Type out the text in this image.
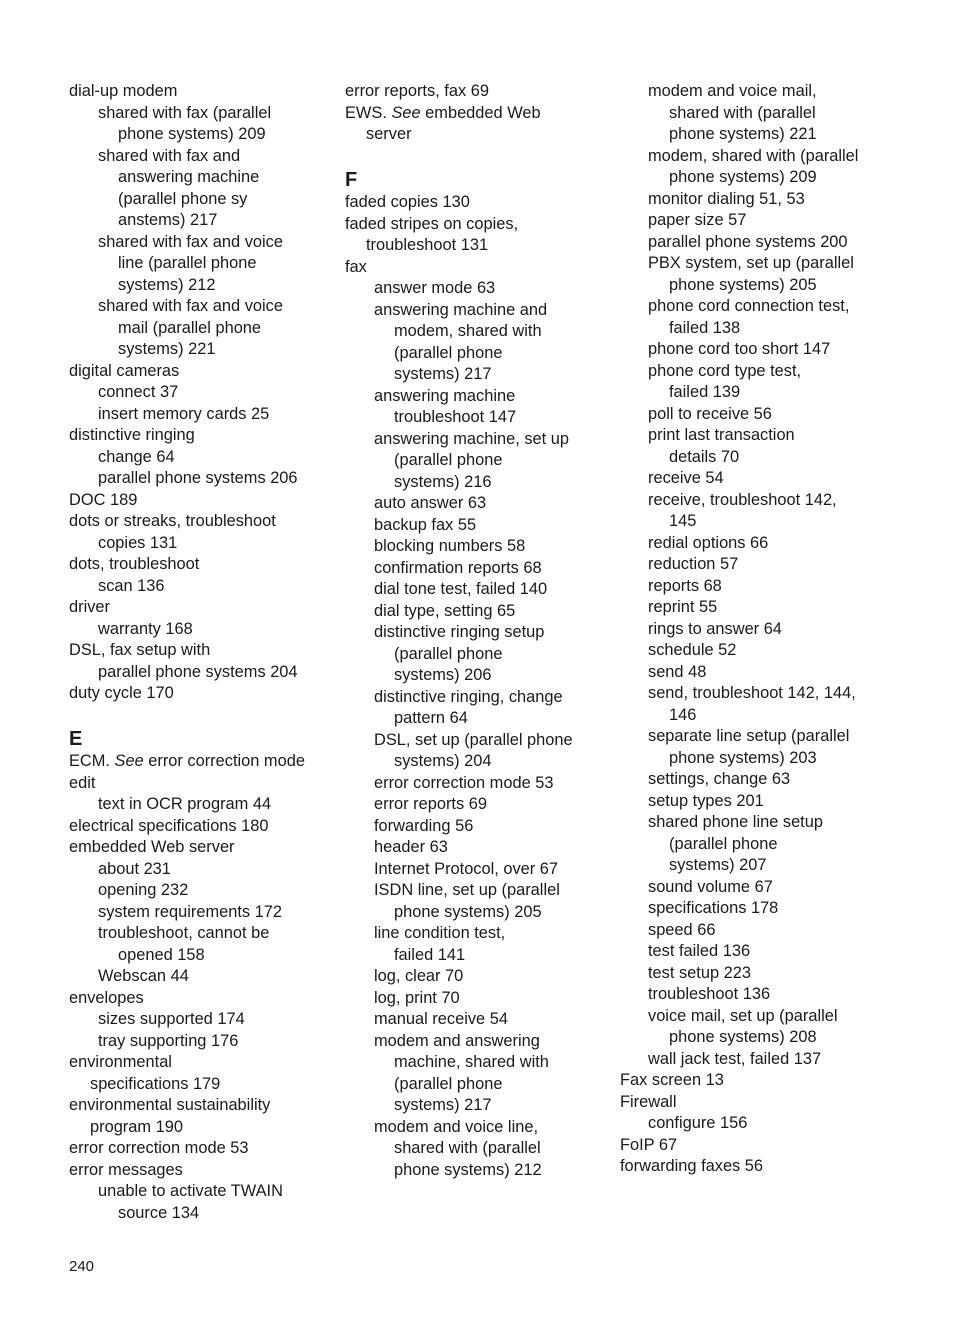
dial-up modem
shared with fax (parallel
phone systems) 209
shared with fax and
answering machine
(parallel phone sy
anstems) 217
shared with fax and voice
line (parallel phone
systems) 212
shared with fax and voice
mail (parallel phone
systems) 221
digital cameras
connect 37
insert memory cards 25
distinctive ringing
change 64
parallel phone systems 206
DOC 189
dots or streaks, troubleshoot
copies 131
dots, troubleshoot
scan 136
driver
warranty 168
DSL, fax setup with
parallel phone systems 204
duty cycle 170
E
ECM. See error correction mode
edit
text in OCR program 44
electrical specifications 180
embedded Web server
about 231
opening 232
system requirements 172
troubleshoot, cannot be
opened 158
Webscan 44
envelopes
sizes supported 174
tray supporting 176
environmental
specifications 179
environmental sustainability
program 190
error correction mode 53
error messages
unable to activate TWAIN
source 134
error reports, fax 69
EWS. See embedded Web
server
F
faded copies 130
faded stripes on copies,
troubleshoot 131
fax
answer mode 63
answering machine and
modem, shared with
(parallel phone
systems) 217
answering machine
troubleshoot 147
answering machine, set up
(parallel phone
systems) 216
auto answer 63
backup fax 55
blocking numbers 58
confirmation reports 68
dial tone test, failed 140
dial type, setting 65
distinctive ringing setup
(parallel phone
systems) 206
distinctive ringing, change
pattern 64
DSL, set up (parallel phone
systems) 204
error correction mode 53
error reports 69
forwarding 56
header 63
Internet Protocol, over 67
ISDN line, set up (parallel
phone systems) 205
line condition test,
failed 141
log, clear 70
log, print 70
manual receive 54
modem and answering
machine, shared with
(parallel phone
systems) 217
modem and voice line,
shared with (parallel
phone systems) 212
modem and voice mail,
shared with (parallel
phone systems) 221
modem, shared with (parallel
phone systems) 209
monitor dialing 51, 53
paper size 57
parallel phone systems 200
PBX system, set up (parallel
phone systems) 205
phone cord connection test,
failed 138
phone cord too short 147
phone cord type test,
failed 139
poll to receive 56
print last transaction
details 70
receive 54
receive, troubleshoot 142,
145
redial options 66
reduction 57
reports 68
reprint 55
rings to answer 64
schedule 52
send 48
send, troubleshoot 142, 144,
146
separate line setup (parallel
phone systems) 203
settings, change 63
setup types 201
shared phone line setup
(parallel phone
systems) 207
sound volume 67
specifications 178
speed 66
test failed 136
test setup 223
troubleshoot 136
voice mail, set up (parallel
phone systems) 208
wall jack test, failed 137
Fax screen 13
Firewall
configure 156
FoIP 67
forwarding faxes 56
240
